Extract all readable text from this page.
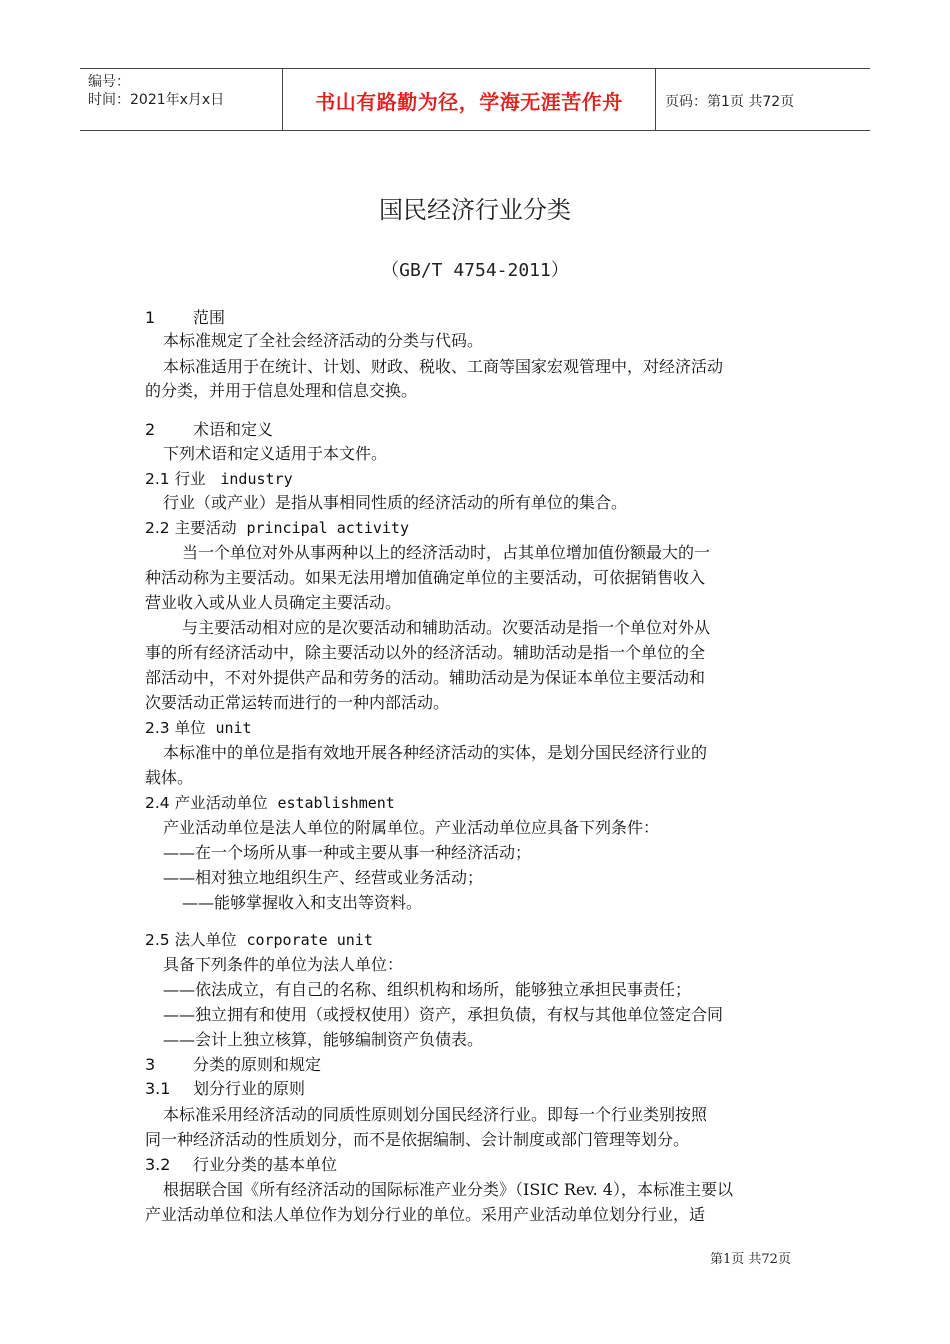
编号：
时间：2021年x月x日	书山有路勤为径，学海无涯苦作舟	页码：第1页 共72页
国民经济行业分类
（GB/T 4754-2011）
1 范围
本标准规定了全社会经济活动的分类与代码。
本标准适用于在统计、计划、财政、税收、工商等国家宏观管理中，对经济活动
的分类，并用于信息处理和信息交换。
2 术语和定义
下列术语和定义适用于本文件。
2.1 行业 industry
行业（或产业）是指从事相同性质的经济活动的所有单位的集合。
2.2 主要活动 principal activity
当一个单位对外从事两种以上的经济活动时，占其单位增加值份额最大的一
种活动称为主要活动。如果无法用增加值确定单位的主要活动，可依据销售收入
营业收入或从业人员确定主要活动。
与主要活动相对应的是次要活动和辅助活动。次要活动是指一个单位对外从
事的所有经济活动中，除主要活动以外的经济活动。辅助活动是指一个单位的全
部活动中，不对外提供产品和劳务的活动。辅助活动是为保证本单位主要活动和
次要活动正常运转而进行的一种内部活动。
2.3 单位 unit
本标准中的单位是指有效地开展各种经济活动的实体，是划分国民经济行业的
载体。
2.4 产业活动单位 establishment
产业活动单位是法人单位的附属单位。产业活动单位应具备下列条件：
——在一个场所从事一种或主要从事一种经济活动；
——相对独立地组织生产、经营或业务活动；
——能够掌握收入和支出等资料。
2.5 法人单位 corporate unit
具备下列条件的单位为法人单位：
——依法成立，有自己的名称、组织机构和场所，能够独立承担民事责任；
——独立拥有和使用（或授权使用）资产，承担负债，有权与其他单位签定合同
——会计上独立核算，能够编制资产负债表。
3 分类的原则和规定
3.1 划分行业的原则
本标准采用经济活动的同质性原则划分国民经济行业。即每一个行业类别按照
同一种经济活动的性质划分，而不是依据编制、会计制度或部门管理等划分。
3.2 行业分类的基本单位
根据联合国《所有经济活动的国际标准产业分类》（ISIC Rev. 4），本标准主要以
产业活动单位和法人单位作为划分行业的单位。采用产业活动单位划分行业，适
第1页 共72页
